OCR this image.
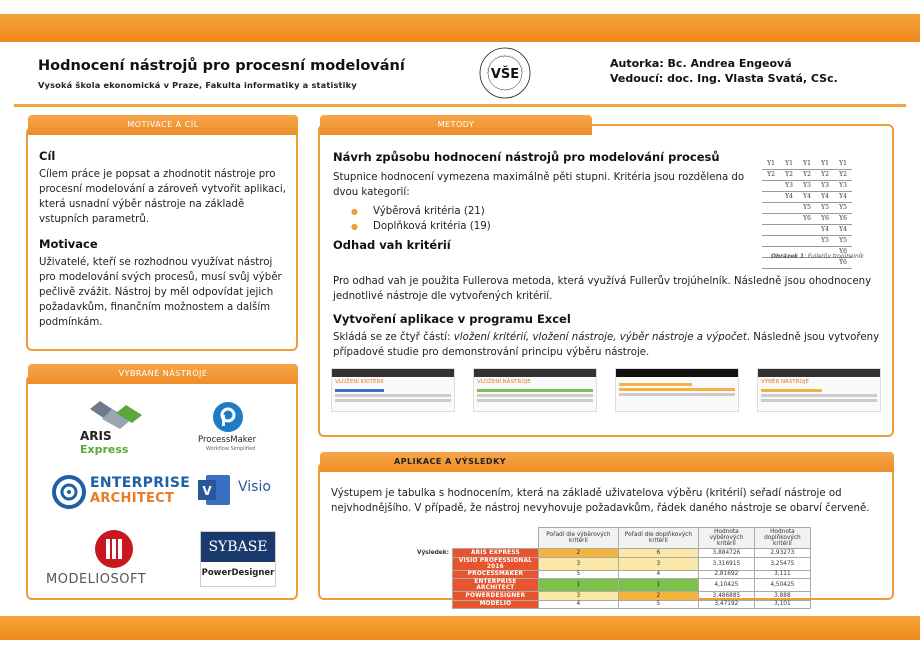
Hodnocení nástrojů pro procesní modelování
Vysoká škola ekonomická v Praze, Fakulta informatiky a statistiky
VŠE
Autorka: Bc. Andrea Engeová
Vedoucí: doc. Ing. Vlasta Svatá, CSc.
Cíl
Cílem práce je popsat a zhodnotit nástroje pro procesní modelování a zároveň vytvořit aplikaci, která usnadní výběr nástroje na základě vstupních parametrů.
Motivace
Uživatelé, kteří se rozhodnou využívat nástroj pro modelování svých procesů, musí svůj výběr pečlivě zvážit. Nástroj by měl odpovídat jejich požadavkům, finančním možnostem a dalším podmínkám.
MOTIVACE A CÍL
ARIS
Express
ProcessMaker
Workflow Simplified
ENTERPRISE
ARCHITECT V Visio
MODELIOSOFT
SYBASE
PowerDesigner
VYBRANÉ NÁSTROJE
Návrh způsobu hodnocení nástrojů pro modelování procesů
Stupnice hodnocení vymezena maximálně pěti stupni. Kritéria jsou rozdělena do dvou kategorií:
● Výběrová kritéria (21)
● Doplňková kritéria (19)
Odhad vah kritérií
Pro odhad vah je použita Fullerova metoda, která využívá Fullerův trojúhelník. Následně jsou ohodnoceny jednotlivé nástroje dle vytvořených kritérií.
Vytvoření aplikace v programu Excel
Skládá se ze čtyř částí: vložení kritérií, vložení nástroje, výběr nástroje a výpočet. Následně jsou vytvořeny případové studie pro demonstrování principu výběru nástroje.
METODY
Y1	Y1	Y1	Y1	Y1
Y2	Y2	Y2	Y2	Y2
	Y3	Y3	Y3	Y3
	Y4	Y4	Y4	Y4
		Y5	Y5	Y5
		Y6	Y6	Y6
			Y4	Y4
			Y5	Y5
				Y6
				Y6
Obrázek 1: Fullerův trojúhelník
VLOŽENÍ KRITÉRIÍ	VLOŽENÍ NÁSTROJE	VÝBĚR NÁSTROJE
Výstupem je tabulka s hodnocením, která na základě uživatelova výběru (kritérií) seřadí nástroje od nejvhodnějšího. V případě, že nástroj nevyhovuje požadavkům, řádek daného nástroje se obarví červeně.
APLIKACE A VÝSLEDKY
		Pořadí dle výběrových kritérií	Pořadí dle doplňkových kritérií	Hodnota výběrových kritérií	Hodnota doplňkových kritérií
Výsledek:	ARIS EXPRESS	2	6	3,884726	2,93273
	VISIO PROFESSIONAL 2016	3	3	3,316915	3,25475
	PROCESSMAKER	5	4	2,81692	3,111
	ENTERPRISE ARCHITECT	1	1	4,10425	4,50425
	POWERDESIGNER	3	2	3,486885	3,888
	MODELIO	4	5	3,47192	3,101
